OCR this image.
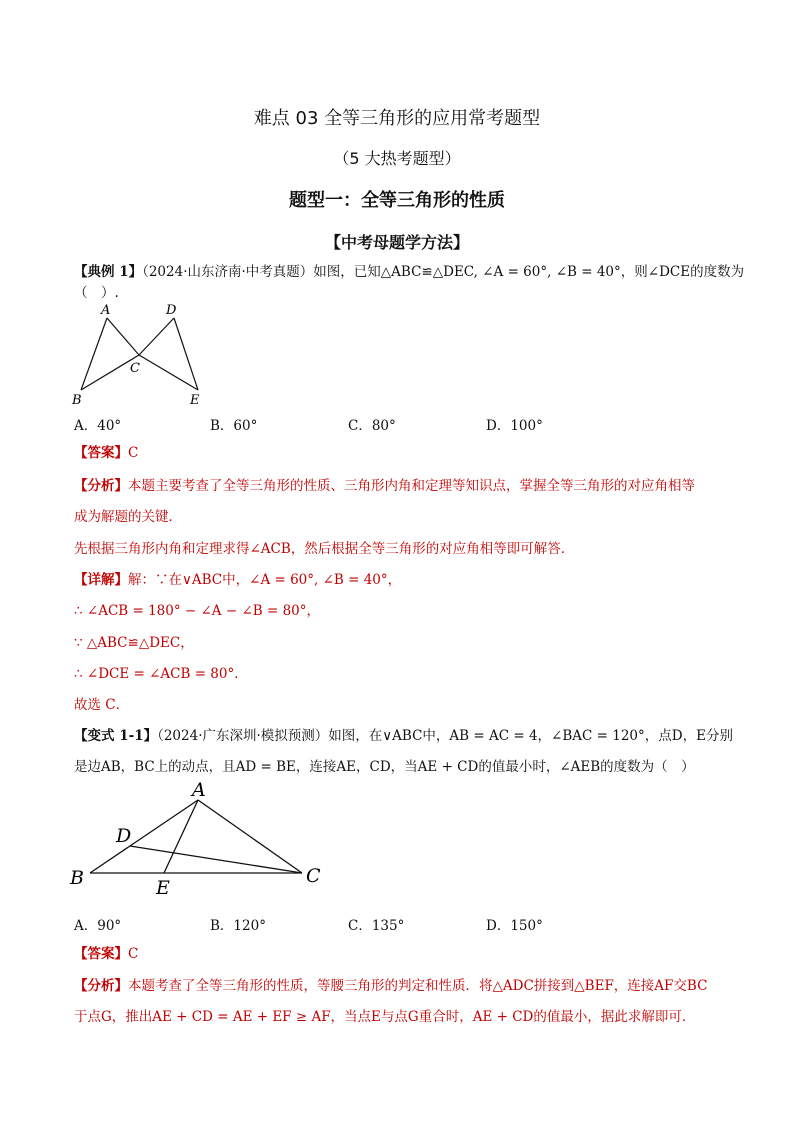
难点 03 全等三角形的应用常考题型
（5 大热考题型）
题型一：全等三角形的性质
【中考母题学方法】
【典例 1】（2024·山东济南·中考真题）如图，已知△ABC≌△DEC, ∠A = 60°, ∠B = 40°，则∠DCE的度数为
（　）.
A
B
C
D
E
A．40°	B．60°	C．80°	D．100°
【答案】C
【分析】本题主要考查了全等三角形的性质、三角形内角和定理等知识点，掌握全等三角形的对应角相等
成为解题的关键．
先根据三角形内角和定理求得∠ACB，然后根据全等三角形的对应角相等即可解答．
【详解】解：∵在∨ABC中，∠A = 60°, ∠B = 40°，
∴ ∠ACB = 180° − ∠A − ∠B = 80°，
∵ △ABC≌△DEC，
∴ ∠DCE = ∠ACB = 80°．
故选 C．
【变式 1-1】（2024·广东深圳·模拟预测）如图，在∨ABC中，AB = AC = 4，∠BAC = 120°，点D，E分别
是边AB，BC上的动点，且AD = BE，连接AE，CD，当AE + CD的值最小时，∠AEB的度数为（　）
A
B	C
D
E
A．90°	B．120°	C．135°	D．150°
【答案】C
【分析】本题考查了全等三角形的性质，等腰三角形的判定和性质．将△ADC拼接到△BEF，连接AF交BC
于点G，推出AE + CD = AE + EF ≥ AF，当点E与点G重合时，AE + CD的值最小，据此求解即可．
